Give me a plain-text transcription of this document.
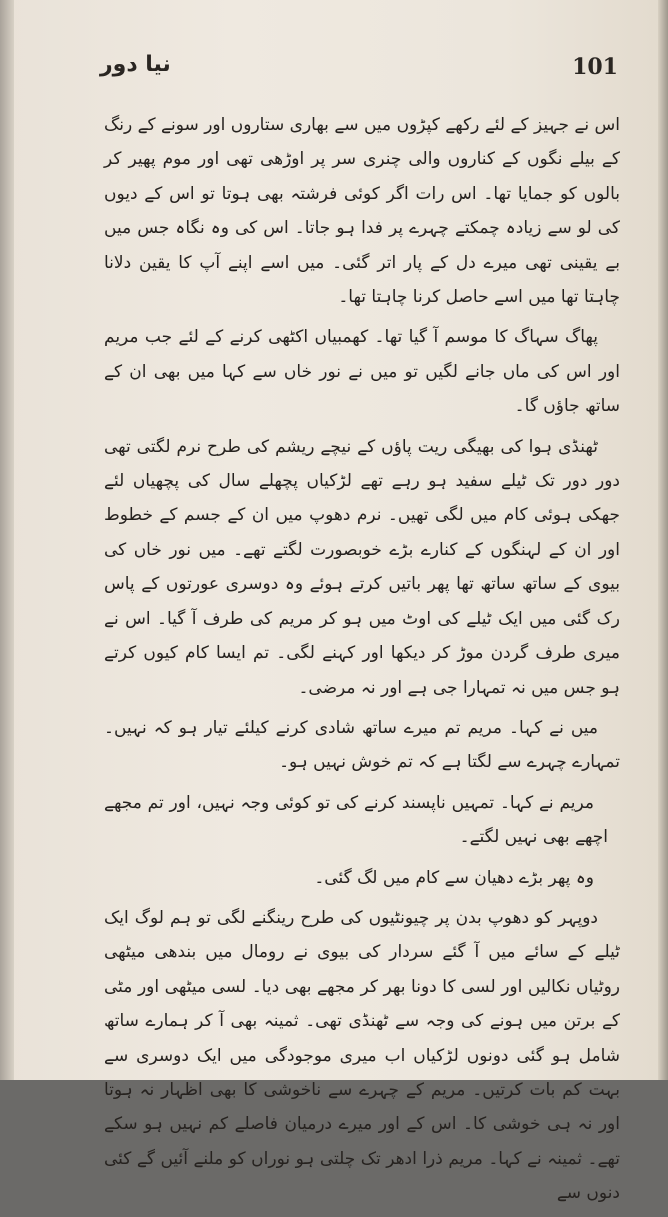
نیا دور	101

اس نے جہیز کے لئے رکھے کپڑوں میں سے بھاری ستاروں اور سونے کے رنگ کے بیلے نگوں کے کناروں والی چنری سر پر اوڑھی تھی اور موم پھیر کر بالوں کو جمایا تھا۔ اس رات اگر کوئی فرشتہ بھی ہوتا تو اس کے دیوں کی لو سے زیادہ چمکتے چہرے پر فدا ہو جاتا۔ اس کی وہ نگاہ جس میں بے یقینی تھی میرے دل کے پار اتر گئی۔ میں اسے اپنے آپ کا یقین دلانا چاہتا تھا میں اسے حاصل کرنا چاہتا تھا۔

پھاگ سہاگ کا موسم آ گیا تھا۔ کھمبیاں اکٹھی کرنے کے لئے جب مریم اور اس کی ماں جانے لگیں تو میں نے نور خاں سے کہا میں بھی ان کے ساتھ جاؤں گا۔

ٹھنڈی ہوا کی بھیگی ریت پاؤں کے نیچے ریشم کی طرح نرم لگتی تھی دور دور تک ٹیلے سفید ہو رہے تھے لڑکیاں پچھلے سال کی پچھیاں لئے جھکی ہوئی کام میں لگی تھیں۔ نرم دھوپ میں ان کے جسم کے خطوط اور ان کے لہنگوں کے کنارے بڑے خوبصورت لگتے تھے۔ میں نور خاں کی بیوی کے ساتھ ساتھ تھا پھر باتیں کرتے ہوئے وہ دوسری عورتوں کے پاس رک گئی میں ایک ٹیلے کی اوٹ میں ہو کر مریم کی طرف آ گیا۔ اس نے میری طرف گردن موڑ کر دیکھا اور کہنے لگی۔ تم ایسا کام کیوں کرتے ہو جس میں نہ تمہارا جی ہے اور نہ مرضی۔

میں نے کہا۔ مریم تم میرے ساتھ شادی کرنے کیلئے تیار ہو کہ نہیں۔ تمہارے چہرے سے لگتا ہے کہ تم خوش نہیں ہو۔

مریم نے کہا۔ تمہیں ناپسند کرنے کی تو کوئی وجہ نہیں، اور تم مجھے اچھے بھی نہیں لگتے۔

وہ پھر بڑے دھیان سے کام میں لگ گئی۔

دوپہر کو دھوپ بدن پر چیونٹیوں کی طرح رینگنے لگی تو ہم لوگ ایک ٹیلے کے سائے میں آ گئے سردار کی بیوی نے رومال میں بندھی میٹھی روٹیاں نکالیں اور لسی کا دونا بھر کر مجھے بھی دیا۔ لسی میٹھی اور مٹی کے برتن میں ہونے کی وجہ سے ٹھنڈی تھی۔ ثمینہ بھی آ کر ہمارے ساتھ شامل ہو گئی دونوں لڑکیاں اب میری موجودگی میں ایک دوسری سے بہت کم بات کرتیں۔ مریم کے چہرے سے ناخوشی کا بھی اظہار نہ ہوتا اور نہ ہی خوشی کا۔ اس کے اور میرے درمیان فاصلے کم نہیں ہو سکے تھے۔ ثمینہ نے کہا۔ مریم ذرا ادھر تک چلتی ہو نوراں کو ملنے آئیں گے کئی دنوں سے
